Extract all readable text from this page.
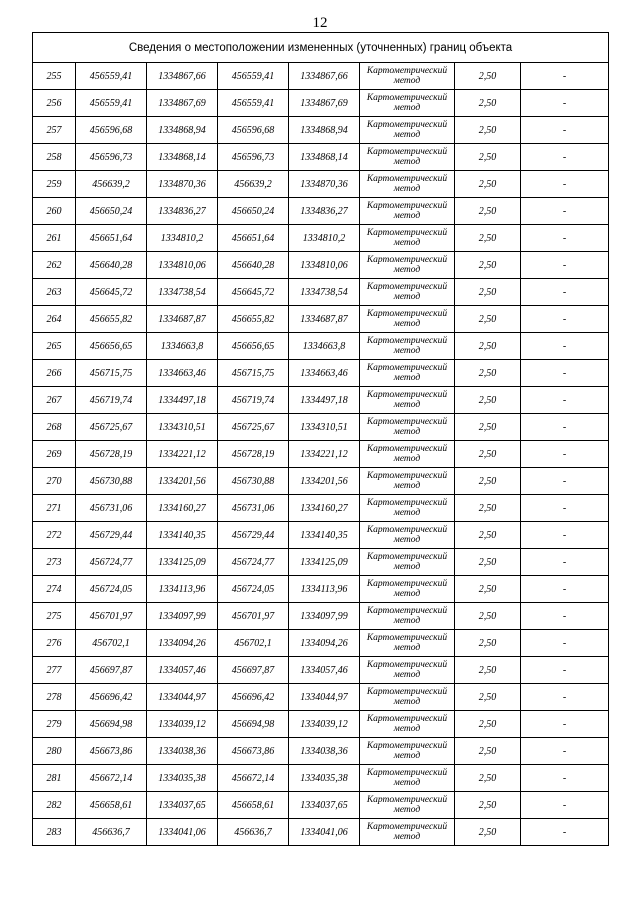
12
Сведения о местоположении измененных (уточненных) границ объекта							
255	456559,41	1334867,66	456559,41	1334867,66	Картометрический метод	2,50	-
256	456559,41	1334867,69	456559,41	1334867,69	Картометрический метод	2,50	-
257	456596,68	1334868,94	456596,68	1334868,94	Картометрический метод	2,50	-
258	456596,73	1334868,14	456596,73	1334868,14	Картометрический метод	2,50	-
259	456639,2	1334870,36	456639,2	1334870,36	Картометрический метод	2,50	-
260	456650,24	1334836,27	456650,24	1334836,27	Картометрический метод	2,50	-
261	456651,64	1334810,2	456651,64	1334810,2	Картометрический метод	2,50	-
262	456640,28	1334810,06	456640,28	1334810,06	Картометрический метод	2,50	-
263	456645,72	1334738,54	456645,72	1334738,54	Картометрический метод	2,50	-
264	456655,82	1334687,87	456655,82	1334687,87	Картометрический метод	2,50	-
265	456656,65	1334663,8	456656,65	1334663,8	Картометрический метод	2,50	-
266	456715,75	1334663,46	456715,75	1334663,46	Картометрический метод	2,50	-
267	456719,74	1334497,18	456719,74	1334497,18	Картометрический метод	2,50	-
268	456725,67	1334310,51	456725,67	1334310,51	Картометрический метод	2,50	-
269	456728,19	1334221,12	456728,19	1334221,12	Картометрический метод	2,50	-
270	456730,88	1334201,56	456730,88	1334201,56	Картометрический метод	2,50	-
271	456731,06	1334160,27	456731,06	1334160,27	Картометрический метод	2,50	-
272	456729,44	1334140,35	456729,44	1334140,35	Картометрический метод	2,50	-
273	456724,77	1334125,09	456724,77	1334125,09	Картометрический метод	2,50	-
274	456724,05	1334113,96	456724,05	1334113,96	Картометрический метод	2,50	-
275	456701,97	1334097,99	456701,97	1334097,99	Картометрический метод	2,50	-
276	456702,1	1334094,26	456702,1	1334094,26	Картометрический метод	2,50	-
277	456697,87	1334057,46	456697,87	1334057,46	Картометрический метод	2,50	-
278	456696,42	1334044,97	456696,42	1334044,97	Картометрический метод	2,50	-
279	456694,98	1334039,12	456694,98	1334039,12	Картометрический метод	2,50	-
280	456673,86	1334038,36	456673,86	1334038,36	Картометрический метод	2,50	-
281	456672,14	1334035,38	456672,14	1334035,38	Картометрический метод	2,50	-
282	456658,61	1334037,65	456658,61	1334037,65	Картометрический метод	2,50	-
283	456636,7	1334041,06	456636,7	1334041,06	Картометрический метод	2,50	-
